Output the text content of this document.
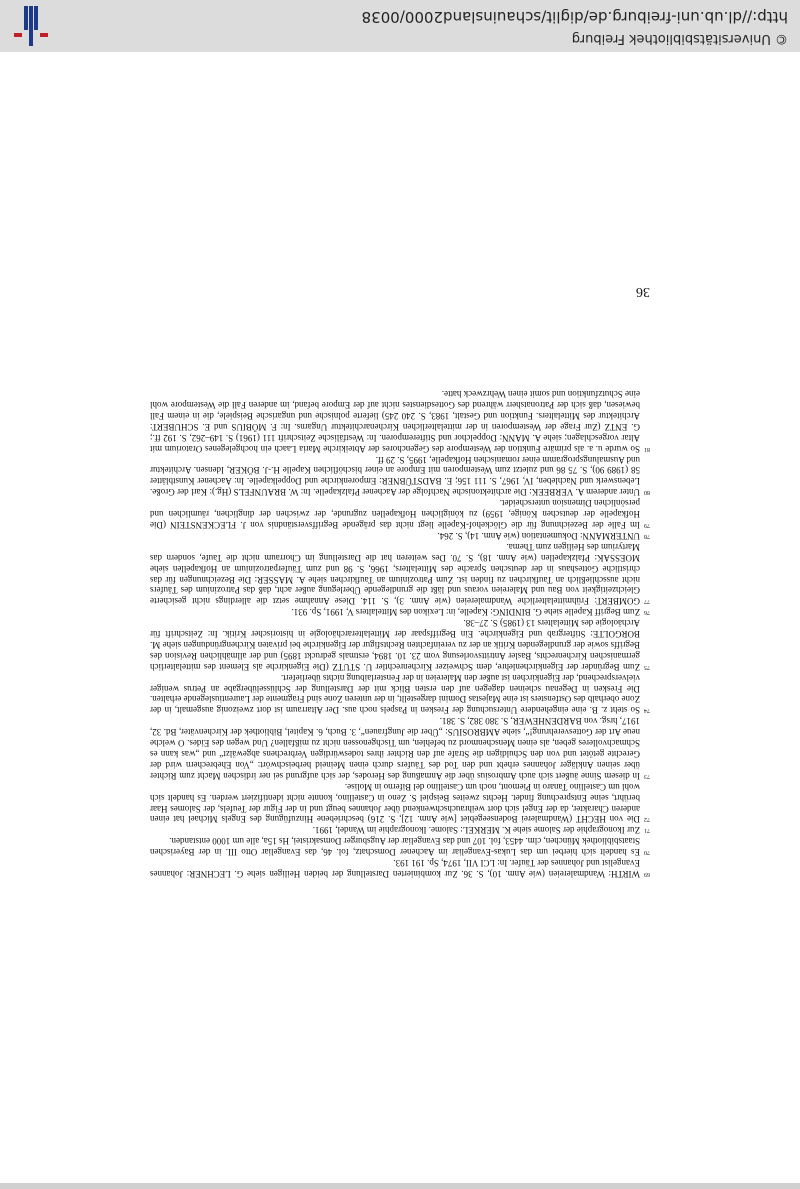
© Universitätsbibliothek Freiburg
http://dl.ub.uni-freiburg.de/diglit/schauinsland2000/0038
36

69WIRTH: Wandmalereien (wie Anm. 10), S. 36. Zur kombinierten Darstellung der beiden Heiligen siehe G. LECHNER: Johannes Evangelist und Johannes der Täufer. In: LCI VII, 1974, Sp. 191 193.

70Es handelt sich hierbei um das Lukas-Evangeliar im Aachener Domschatz, fol. 46, das Evangeliar Otto III. in der Bayerischen Staatsbibliothek München, clm. 4453, fol. 107 und das Evangeliar der Augsburger Domsakristei, Hs 15a, alle um 1000 entstanden.

71Zur Ikonographie der Salome siehe K. MERKEL: Salome. Ikonographie im Wandel, 1991.

72Die von HECHT (Wandmalerei Bodenseegebiet [wie Anm. 12], S. 216) beschriebene Hinzufügung des Engels Michael hat einen anderen Charakter, da der Engel sich dort weihrauchschwenkend über Johannes beugt und in der Figur der Teufels, der Salomes Haar berührt, seine Entsprechung findet. Hechts zweites Beispiel S. Zeno in Castellino, konnte nicht identifiziert werden. Es handelt sich wohl um Castellino Tanaro in Piemont, noch um Castellino del Biferno in Molise.

73In diesem Sinne äußert sich auch Ambrosius über die Anmaßung des Herodes, der sich aufgrund sei ner irdischen Macht zum Richter über seinen Ankläger Johannes erhebt und den Tod des Täufers durch einen Meineid herbeischwört: „Von Ehebrechern wird der Gerechte getötet und von den Schuldigen die Strafe auf den Richter ihres todeswürdigen Verbrechens abgewälzt“ und „was kann es Schmachvolleres geben, als einen Menschenmord zu befehlen, um Tischgenossen nicht zu mißfallen? Und wegen des Eides. O welche neue Art der Gottesverehrung!“, siehe AMBROSIUS: „Über die Jungfrauen“, 3. Buch, 6. Kapitel, Bibliothek der Kirchenväter, Bd. 32, 1917, hrsg. von BARDENHEWER, S. 380 382, S. 381.

74So steht z. B. eine eingehendere Untersuchung der Fresken in Paspels noch aus. Der Altarraum ist dort zweizonig ausgemalt, in der Zone oberhalb des Ostfensters ist eine Majestas Domini dargestellt, in der unteren Zone sind Fragmente der Laurentiuslegende erhalten. Die Fresken in Degenau scheinen dagegen auf den ersten Blick mit der Darstellung der Schlüsselübergabe an Petrus weniger vielversprechend, der Eigenkirchen ist außer den Malereien in der Fensterlaibung nichts überliefert.

75Zum Begründer der Eigenkirchenlehre, dem Schweizer Kirchenrechtler U. STUTZ (Die Eigenkirche als Element des mittelalterlich germanischen Kirchenrechts, Basler Antrittsvorlesung vom 23. 10. 1894, erstmals gedruckt 1895) und der allmählichen Revision des Begriffs sowie der grundlegenden Kritik an der zu vereinfachten Rechtsfigur der Eigenkirche bei privaten Kirchengründungen siehe M. BORGOLTE: Stiftergrab und Eigenkirche. Ein Begriffspaar der Mittelalterarchäologie in historischer Kritik. In: Zeitschrift für Archäologie des Mittelalters 13 (1985) S. 27–38.

76Zum Begriff Kapelle siehe G. BINDING: Kapelle, in: Lexikon des Mittelalters V, 1991, Sp. 931.

77GOMBERT: Frühmittelalterliche Wandmalereien (wie Anm. 3), S. 114. Diese Annahme setzt die allerdings nicht gesicherte Gleichzeitigkeit von Bau und Malereien voraus und läßt die grundlegende Überlegung außer acht, daß das Patrozinium des Täufers nicht ausschließlich an Taufkirchen zu finden ist. Zum Patrozinium an Taufkirchen siehe A. MASSER: Die Bezeichnungen für das christliche Gotteshaus in der deutschen Sprache des Mittelalters, 1966, S. 98 und zum Täuferpatrozinium an Hofkapellen siehe MOESSAK: Pfalzkapellen (wie Anm. 18), S. 70. Des weiteren hat die Darstellung im Chorraum nicht die Taufe, sondern das Martyrium des Heiligen zum Thema.

78UNTERMANN: Dokumentation (wie Anm. 14), S. 264.

79Im Falle der Bezeichnung für die Glöckehof-Kapelle liegt nicht das prägende Begriffsverständnis von J. FLECKENSTEIN (Die Hofkapelle der deutschen Könige, 1959) zu königlichen Hofkapellen zugrunde, der zwischen der dinglichen, räumlichen und persönlichen Dimension unterscheidet.

80Unter anderem A. VERBEEK: Die architektonische Nachfolge der Aachener Pfalzkapelle. In: W. BRAUNFELS (Hg.): Karl der Große. Lebenswerk und Nachleben, IV, 1967, S. 111 156; E. BADSTÜBNER: Emporenkirche und Doppelkapelle. In: Aachener Kunstblätter 58 (1989 90), S. 75 86 und zuletzt zum Westemporen mit Empore an einer bischöflichen Kapelle H.-J. BÖKER, Idensen. Architektur und Ausmalungsprogramm einer romanischen Hofkapelle, 1995, S. 29 ff.

81So wurde u. a. als primäre Funktion der Westempore des Gegenchores der Abteikirche Maria Laach ein hochgelegenes Oratorium mit Altar vorgeschlagen; siehe A. MANN: Doppelchor und Stifteremporen. In: Westfälische Zeitschrift 111 (1961) S. 149–262, S. 192 ff.; G. ENTZ (Zur Frage der Westemporen in der mittelalterlichen Kirchenarchitektur Ungarns. In: F. MÖBIUS und E. SCHUBERT: Architektur des Mittelalters. Funktion und Gestalt, 1983, S. 240 245) lieferte polnische und ungarische Beispiele, die in einem Fall bewiesen, daß sich der Patronatsherr während des Gottesdienstes nicht auf der Empore befand, im anderen Fall die Westempore wohl eine Schutzfunktion und somit einen Wehrzweck hatte.
